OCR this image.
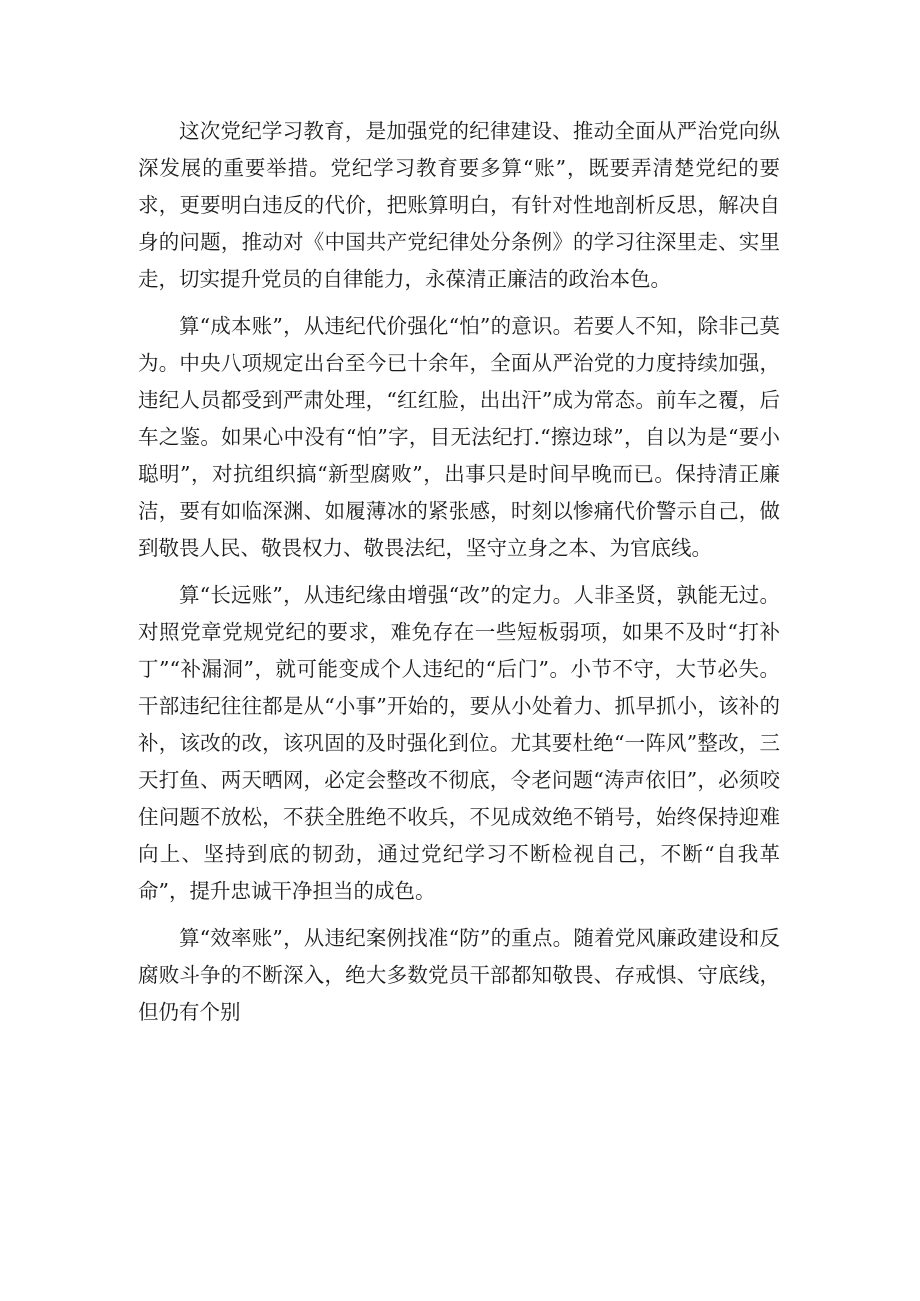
这次党纪学习教育，是加强党的纪律建设、推动全面从严治党向纵深发展的重要举措。党纪学习教育要多算“账”，既要弄清楚党纪的要求，更要明白违反的代价，把账算明白，有针对性地剖析反思，解决自身的问题，推动对《中国共产党纪律处分条例》的学习往深里走、实里走，切实提升党员的自律能力，永葆清正廉洁的政治本色。

算“成本账”，从违纪代价强化“怕”的意识。若要人不知，除非己莫为。中央八项规定出台至今已十余年，全面从严治党的力度持续加强，违纪人员都受到严肃处理，“红红脸，出出汗”成为常态。前车之覆，后车之鉴。如果心中没有“怕”字，目无法纪打.“擦边球”，自以为是“要小聪明”，对抗组织搞“新型腐败”，出事只是时间早晚而已。保持清正廉洁，要有如临深渊、如履薄冰的紧张感，时刻以惨痛代价警示自己，做到敬畏人民、敬畏权力、敬畏法纪，坚守立身之本、为官底线。

算“长远账”，从违纪缘由增强“改”的定力。人非圣贤，孰能无过。对照党章党规党纪的要求，难免存在一些短板弱项，如果不及时“打补丁”“补漏洞”，就可能变成个人违纪的“后门”。小节不守，大节必失。干部违纪往往都是从“小事”开始的，要从小处着力、抓早抓小，该补的补，该改的改，该巩固的及时强化到位。尤其要杜绝“一阵风”整改，三天打鱼、两天晒网，必定会整改不彻底，令老问题“涛声依旧”，必须咬住问题不放松，不获全胜绝不收兵，不见成效绝不销号，始终保持迎难向上、坚持到底的韧劲，通过党纪学习不断检视自己，不断“自我革命”，提升忠诚干净担当的成色。

算“效率账”，从违纪案例找准“防”的重点。随着党风廉政建设和反腐败斗争的不断深入，绝大多数党员干部都知敬畏、存戒惧、守底线，但仍有个别
